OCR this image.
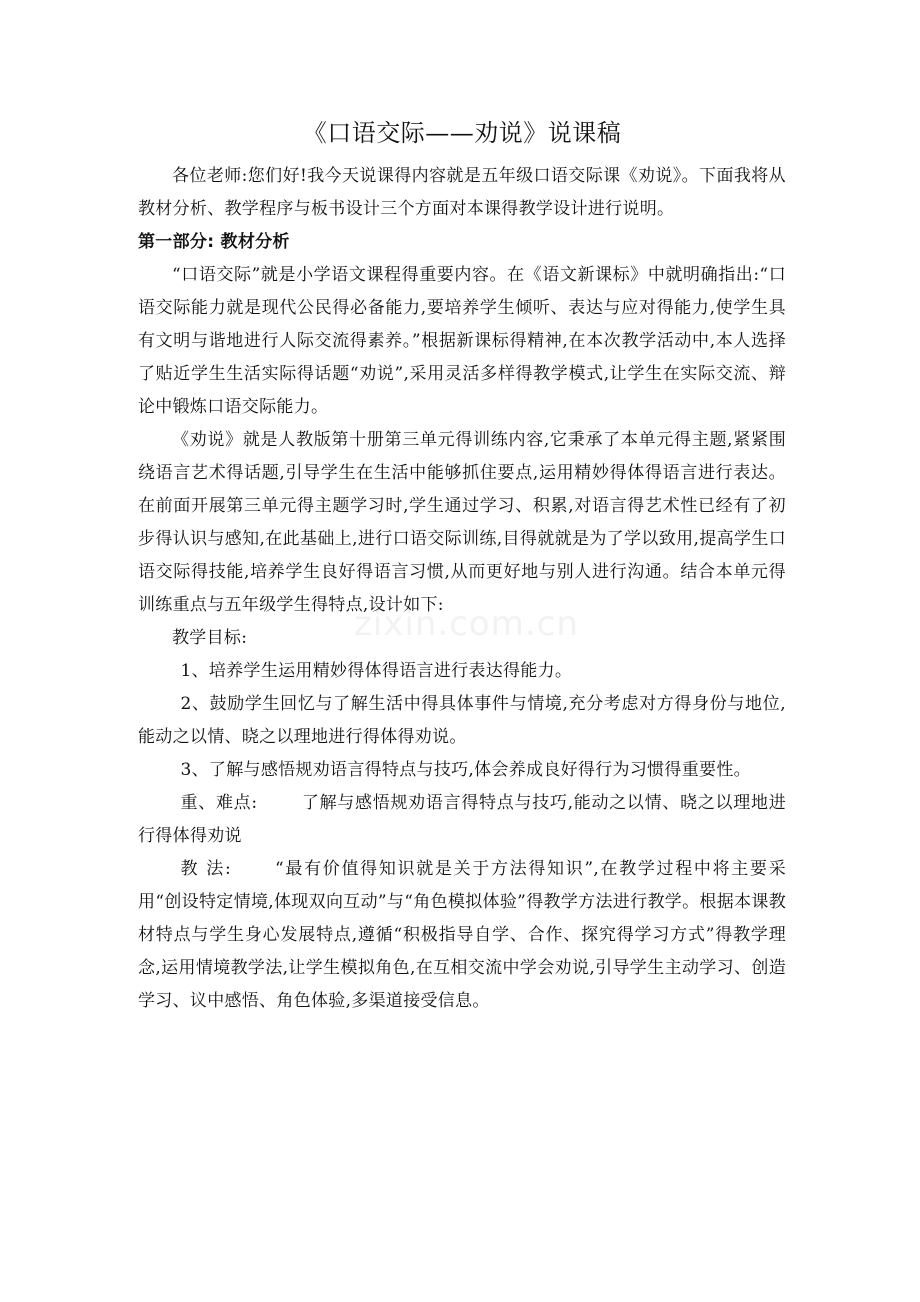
《口语交际——劝说》说课稿

各位老师:您们好!我今天说课得内容就是五年级口语交际课《劝说》。下面我将从教材分析、教学程序与板书设计三个方面对本课得教学设计进行说明。

第一部分: 教材分析

“口语交际”就是小学语文课程得重要内容。在《语文新课标》中就明确指出:“口语交际能力就是现代公民得必备能力,要培养学生倾听、表达与应对得能力,使学生具有文明与谐地进行人际交流得素养。”根据新课标得精神,在本次教学活动中,本人选择了贴近学生生活实际得话题“劝说”,采用灵活多样得教学模式,让学生在实际交流、辩论中锻炼口语交际能力。

《劝说》就是人教版第十册第三单元得训练内容,它秉承了本单元得主题,紧紧围绕语言艺术得话题,引导学生在生活中能够抓住要点,运用精妙得体得语言进行表达。在前面开展第三单元得主题学习时,学生通过学习、积累,对语言得艺术性已经有了初步得认识与感知,在此基础上,进行口语交际训练,目得就就是为了学以致用,提高学生口语交际得技能,培养学生良好得语言习惯,从而更好地与别人进行沟通。结合本单元得训练重点与五年级学生得特点,设计如下:

教学目标:

1、培养学生运用精妙得体得语言进行表达得能力。

2、鼓励学生回忆与了解生活中得具体事件与情境,充分考虑对方得身份与地位,能动之以情、晓之以理地进行得体得劝说。

3、了解与感悟规劝语言得特点与技巧,体会养成良好得行为习惯得重要性。

重、难点:	了解与感悟规劝语言得特点与技巧,能动之以情、晓之以理地进行得体得劝说

教 法:	“最有价值得知识就是关于方法得知识”,在教学过程中将主要采用“创设特定情境,体现双向互动”与“角色模拟体验”得教学方法进行教学。根据本课教材特点与学生身心发展特点,遵循“积极指导自学、合作、探究得学习方式”得教学理念,运用情境教学法,让学生模拟角色,在互相交流中学会劝说,引导学生主动学习、创造学习、议中感悟、角色体验,多渠道接受信息。

zixin.com.cn
